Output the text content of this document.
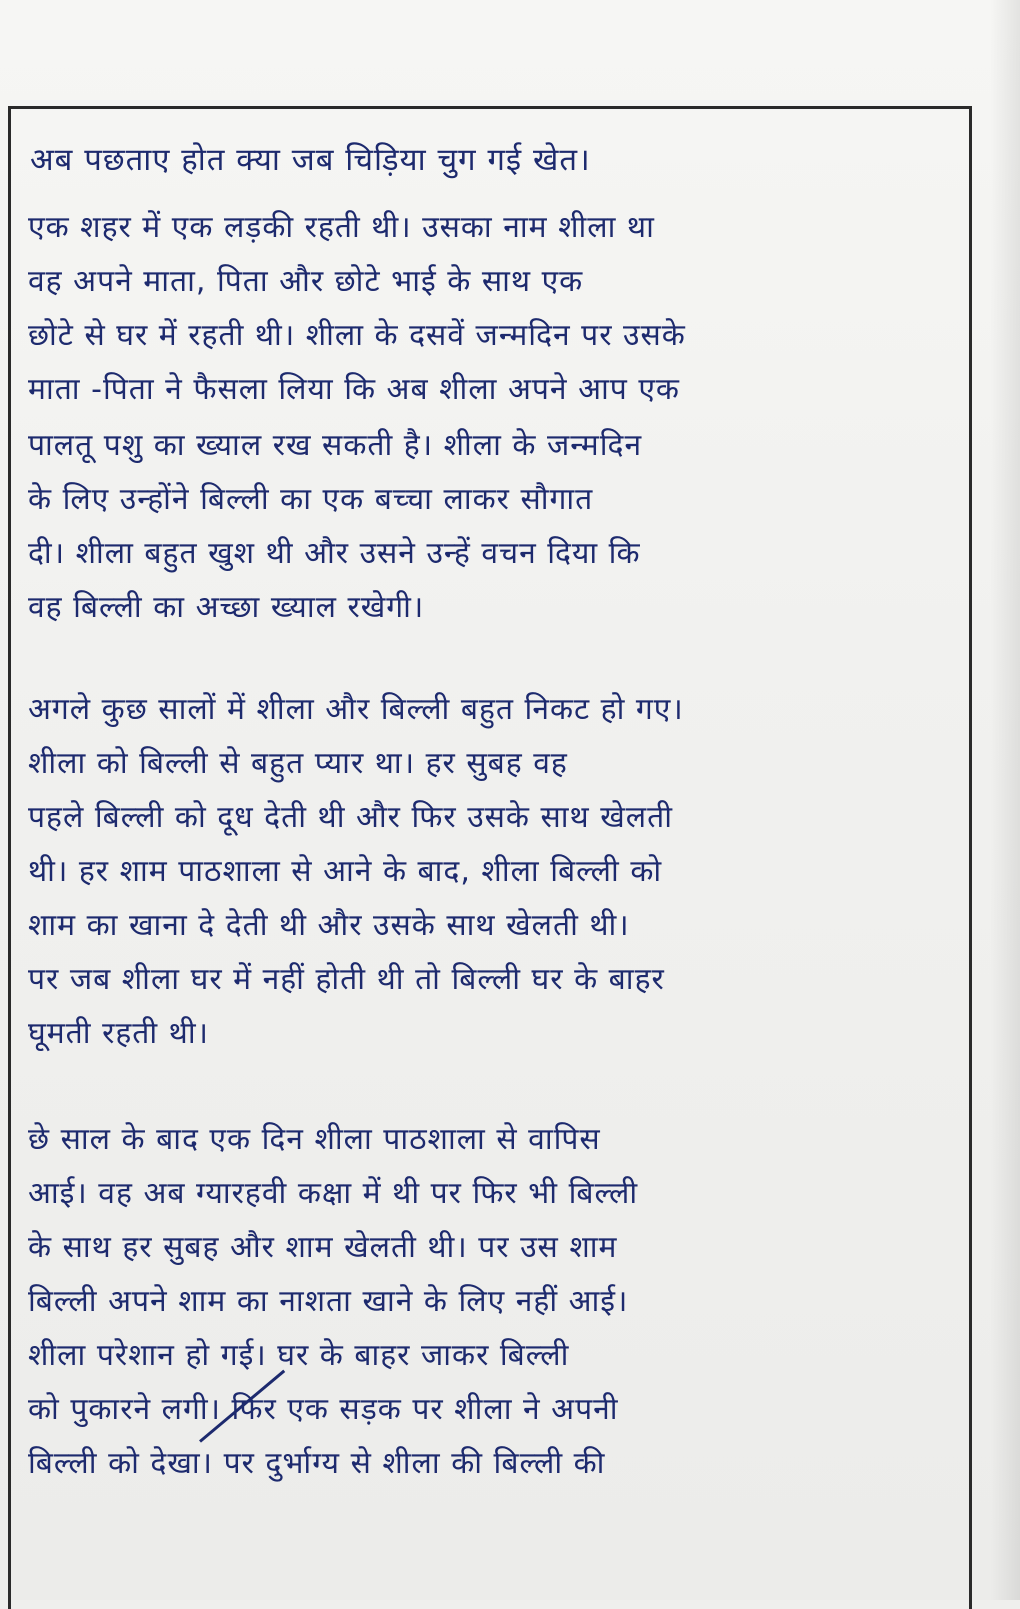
अब पछताए होत क्या जब चिड़िया चुग गई खेत।
एक शहर में एक लड़की रहती थी। उसका नाम शीला था
वह अपने माता, पिता और छोटे भाई के साथ एक
छोटे से घर में रहती थी। शीला के दसवें जन्मदिन पर उसके
माता -पिता ने फैसला लिया कि अब शीला अपने आप एक
पालतू पशु का ख्याल रख सकती है। शीला के जन्मदिन
के लिए उन्होंने बिल्ली का एक बच्चा लाकर सौगात
दी। शीला बहुत खुश थी और उसने उन्हें वचन दिया कि
वह बिल्ली का अच्छा ख्याल रखेगी।
अगले कुछ सालों में शीला और बिल्ली बहुत निकट हो गए।
शीला को बिल्ली से बहुत प्यार था। हर सुबह वह
पहले बिल्ली को दूध देती थी और फिर उसके साथ खेलती
थी। हर शाम पाठशाला से आने के बाद, शीला बिल्ली को
शाम का खाना दे देती थी और उसके साथ खेलती थी।
पर जब शीला घर में नहीं होती थी तो बिल्ली घर के बाहर
घूमती रहती थी।
छे साल के बाद एक दिन शीला पाठशाला से वापिस
आई। वह अब ग्यारहवी कक्षा में थी पर फिर भी बिल्ली
के साथ हर सुबह और शाम खेलती थी। पर उस शाम
बिल्ली अपने शाम का नाशता खाने के लिए नहीं आई।
शीला परेशान हो गई। घर के बाहर जाकर बिल्ली
को पुकारने लगी। फिर एक सड़क पर शीला ने अपनी
बिल्ली को देखा। पर दुर्भाग्य से शीला की बिल्ली की
